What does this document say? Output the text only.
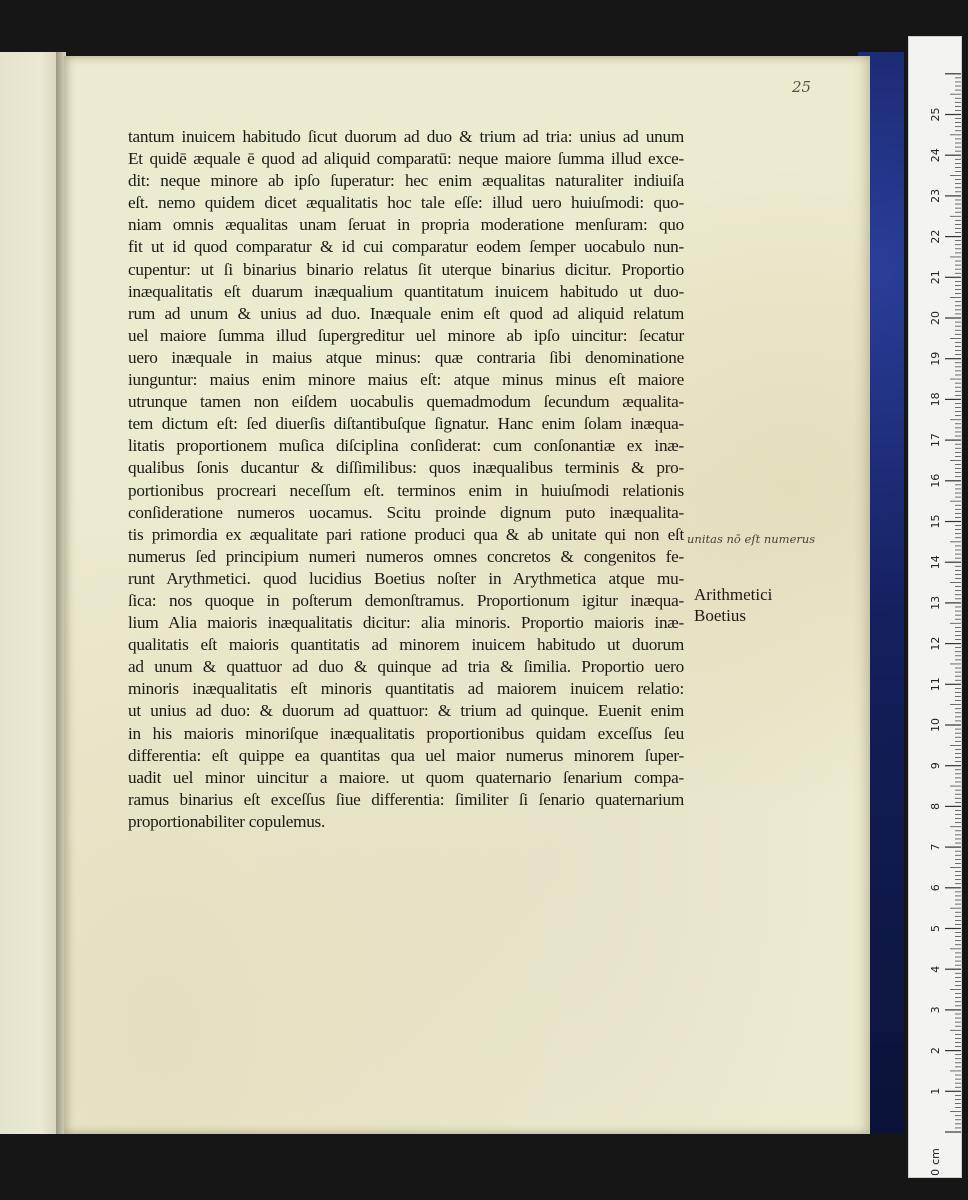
25
tantum inuicem habitudo ſicut duorum ad duo & trium ad tria: unius ad unum
Et quidē æquale ē quod ad aliquid comparatū: neque maiore ſumma illud exce-
dit: neque minore ab ipſo ſuperatur: hec enim æqualitas naturaliter indiuiſa
eſt. nemo quidem dicet æqualitatis hoc tale eſſe: illud uero huiuſmodi: quo-
niam omnis æqualitas unam ſeruat in propria moderatione menſuram: quo
fit ut id quod comparatur & id cui comparatur eodem ſemper uocabulo nun-
cupentur: ut ſi binarius binario relatus ſit uterque binarius dicitur. Proportio
inæqualitatis eſt duarum inæqualium quantitatum inuicem habitudo ut duo-
rum ad unum & unius ad duo. Inæquale enim eſt quod ad aliquid relatum
uel maiore ſumma illud ſupergreditur uel minore ab ipſo uincitur: ſecatur
uero inæquale in maius atque minus: quæ contraria ſibi denominatione
iunguntur: maius enim minore maius eſt: atque minus minus eſt maiore
utrunque tamen non eiſdem uocabulis quemadmodum ſecundum æqualita-
tem dictum eſt: ſed diuerſis diſtantibuſque ſignatur. Hanc enim ſolam inæqua-
litatis proportionem muſica diſciplina conſiderat: cum conſonantiæ ex inæ-
qualibus ſonis ducantur & diſſimilibus: quos inæqualibus terminis & pro-
portionibus procreari neceſſum eſt. terminos enim in huiuſmodi relationis
conſideratione numeros uocamus. Scitu proinde dignum puto inæqualita-
tis primordia ex æqualitate pari ratione produci qua & ab unitate qui non eſt
numerus ſed principium numeri numeros omnes concretos & congenitos fe-
runt Arythmetici. quod lucidius Boetius noſter in Arythmetica atque mu-
ſica: nos quoque in poſterum demonſtramus. Proportionum igitur inæqua-
lium Alia maioris inæqualitatis dicitur: alia minoris. Proportio maioris inæ-
qualitatis eſt maioris quantitatis ad minorem inuicem habitudo ut duorum
ad unum & quattuor ad duo & quinque ad tria & ſimilia. Proportio uero
minoris inæqualitatis eſt minoris quantitatis ad maiorem inuicem relatio:
ut unius ad duo: & duorum ad quattuor: & trium ad quinque. Euenit enim
in his maioris minoriſque inæqualitatis proportionibus quidam exceſſus ſeu
differentia: eſt quippe ea quantitas qua uel maior numerus minorem ſuper-
uadit uel minor uincitur a maiore. ut quom quaternario ſenarium compa-
ramus binarius eſt exceſſus ſiue differentia: ſimiliter ſi ſenario quaternarium
proportionabiliter copulemus.
unitas nō eſt numerus
Arithmetici
Boetius
1
2
3
4
5
6
7
8
9
10
11
12
13
14
15
16
17
18
19
20
21
22
23
24
25
0cm
